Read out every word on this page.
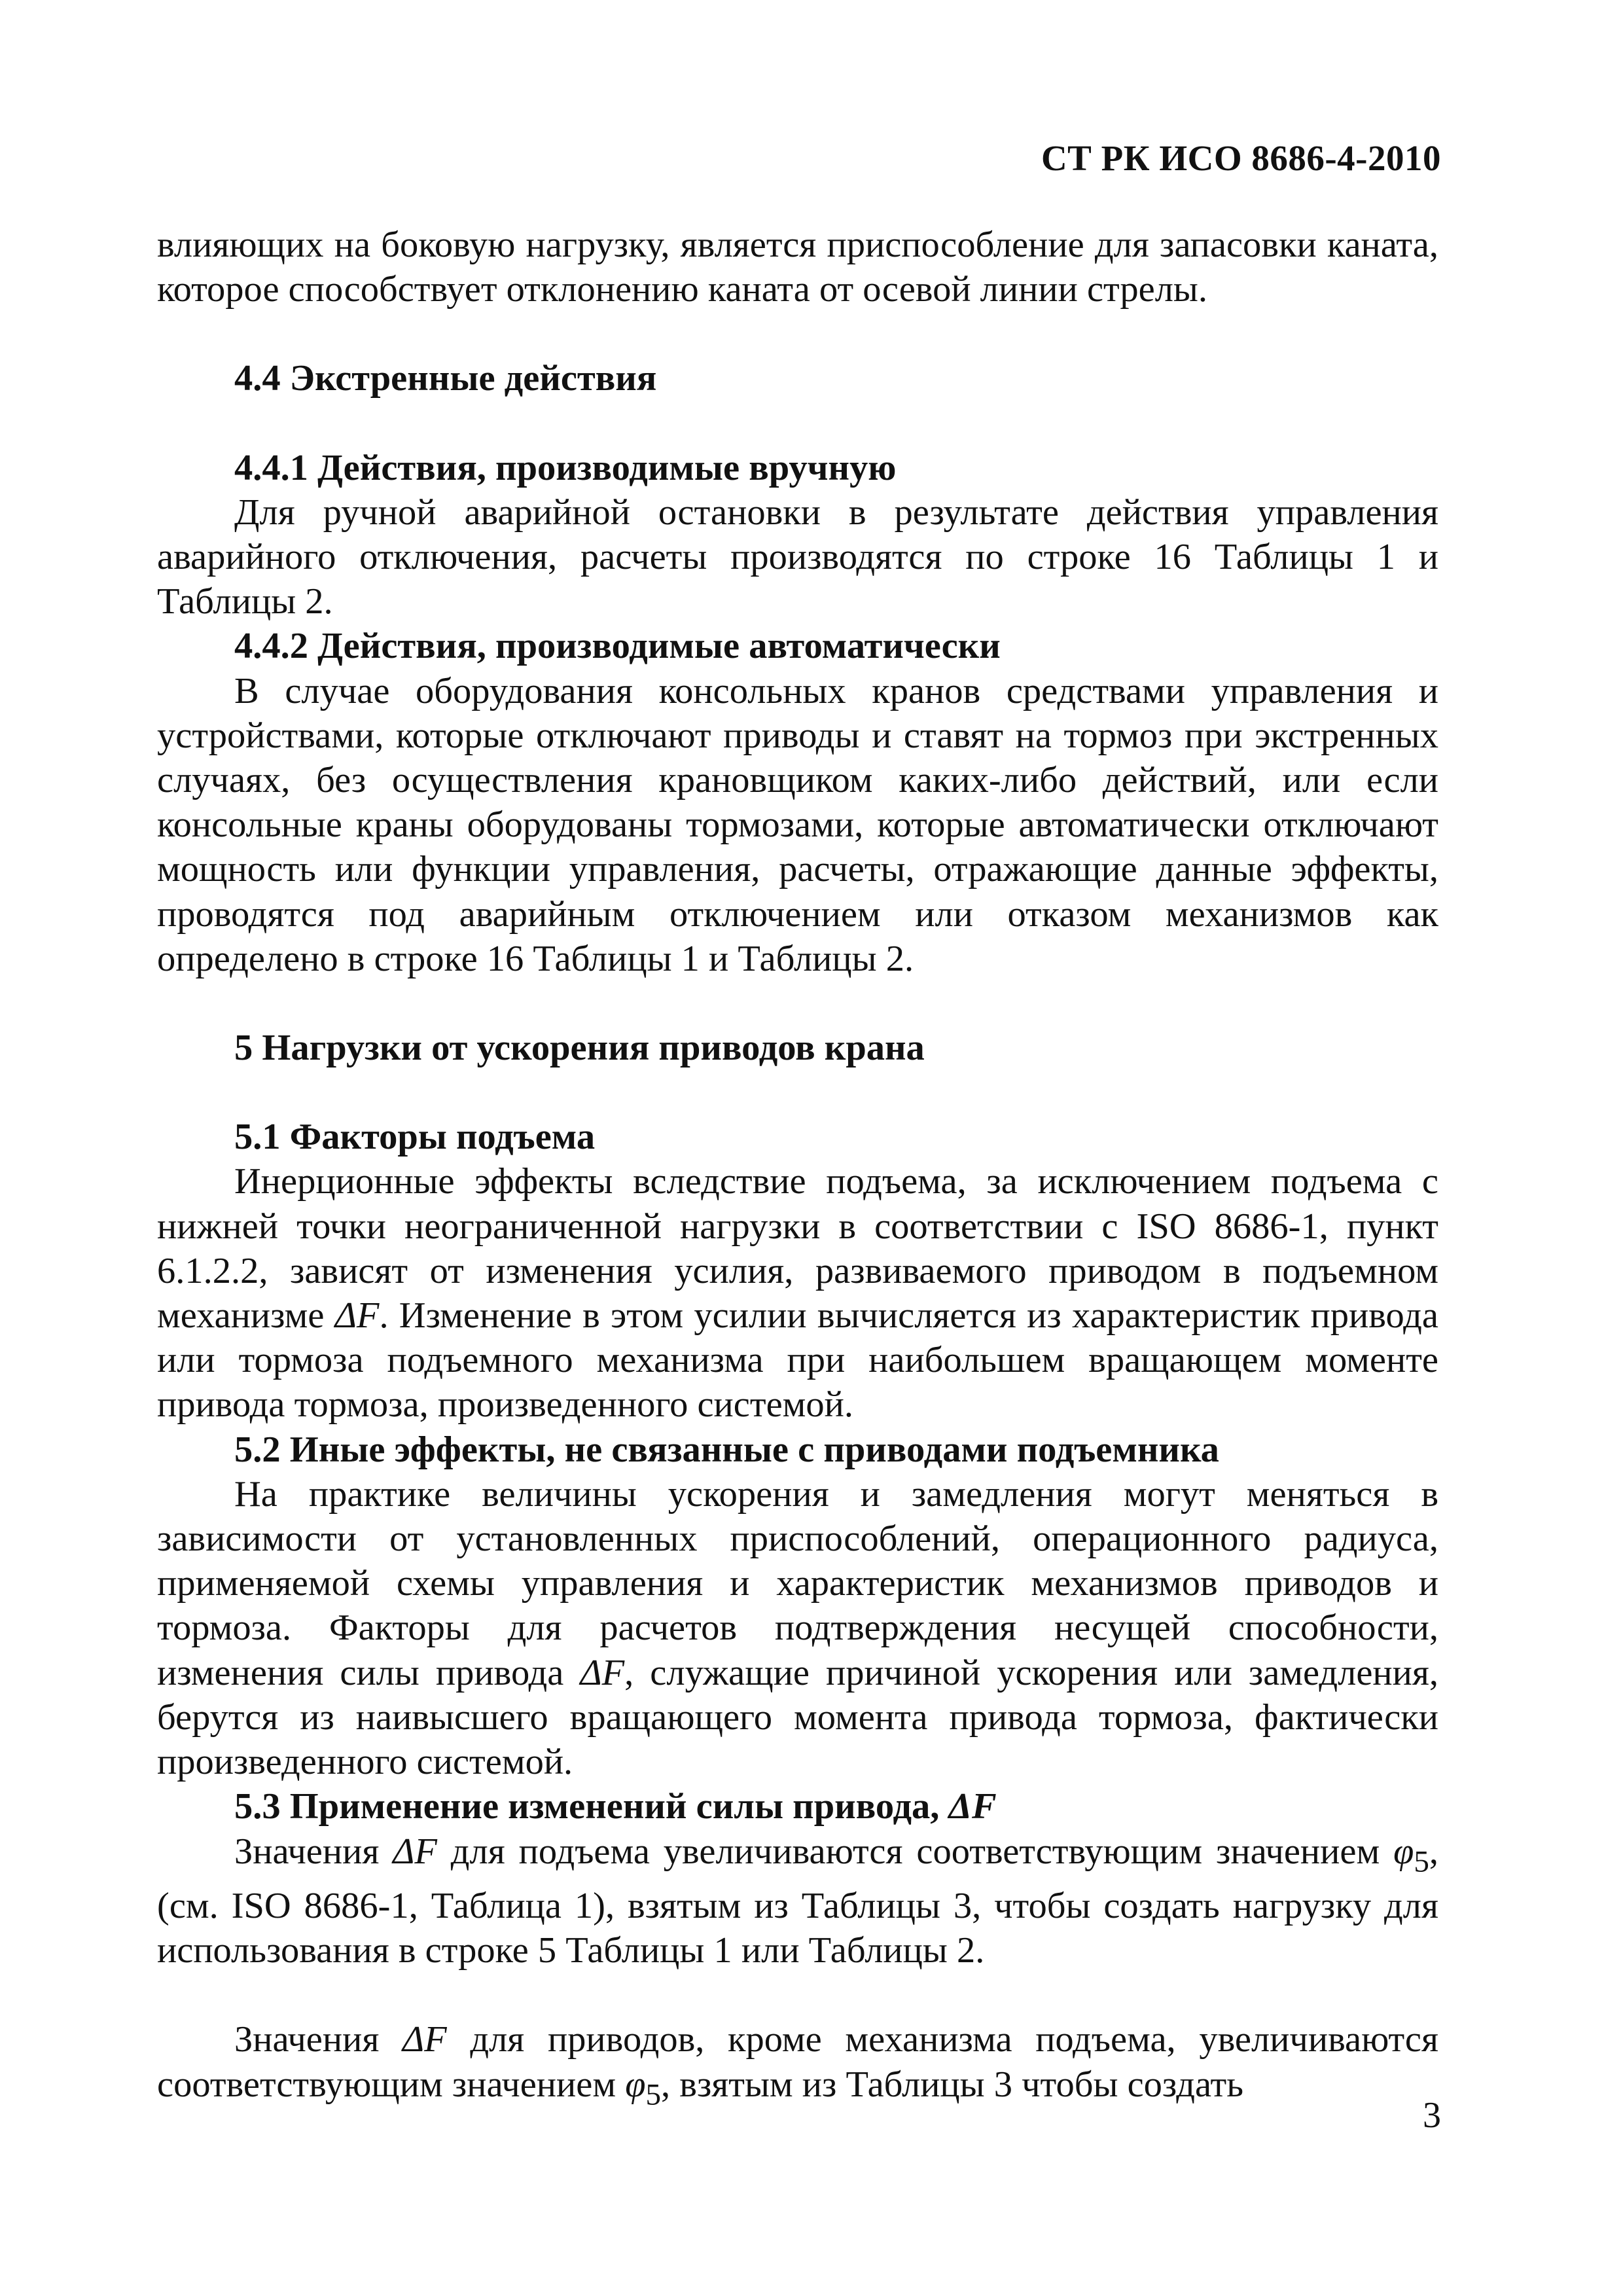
СТ РК ИСО 8686-4-2010

влияющих на боковую нагрузку, является приспособление для запасовки каната, которое способствует отклонению каната от осевой линии стрелы.

4.4 Экстренные действия

4.4.1 Действия, производимые вручную

Для ручной аварийной остановки в результате действия управления аварийного отключения, расчеты производятся по строке 16 Таблицы 1 и Таблицы 2.

4.4.2 Действия, производимые автоматически

В случае оборудования консольных кранов средствами управления и устройствами, которые отключают приводы и ставят на тормоз при экстренных случаях, без осуществления крановщиком каких-либо действий, или если консольные краны оборудованы тормозами, которые автоматически отключают мощность или функции управления, расчеты, отражающие данные эффекты, проводятся под аварийным отключением или отказом механизмов как определено в строке 16 Таблицы 1 и Таблицы 2.

5 Нагрузки от ускорения приводов крана

5.1 Факторы подъема

Инерционные эффекты вследствие подъема, за исключением подъема с нижней точки неограниченной нагрузки в соответствии с ISO 8686-1, пункт 6.1.2.2, зависят от изменения усилия, развиваемого приводом в подъемном механизме ΔF. Изменение в этом усилии вычисляется из характеристик привода или тормоза подъемного механизма при наибольшем вращающем моменте привода тормоза, произведенного системой.

5.2 Иные эффекты, не связанные с приводами подъемника

На практике величины ускорения и замедления могут меняться в зависимости от установленных приспособлений, операционного радиуса, применяемой схемы управления и характеристик механизмов приводов и тормоза. Факторы для расчетов подтверждения несущей способности, изменения силы привода ΔF, служащие причиной ускорения или замедления, берутся из наивысшего вращающего момента привода тормоза, фактически произведенного системой.

5.3 Применение изменений силы привода, ΔF

Значения ΔF для подъема увеличиваются соответствующим значением $\varphi_5$, (см. ISO 8686-1, Таблица 1), взятым из Таблицы 3, чтобы создать нагрузку для использования в строке 5 Таблицы 1 или Таблицы 2.

Значения ΔF для приводов, кроме механизма подъема, увеличиваются соответствующим значением $\varphi_5$, взятым из Таблицы 3 чтобы создать

3
